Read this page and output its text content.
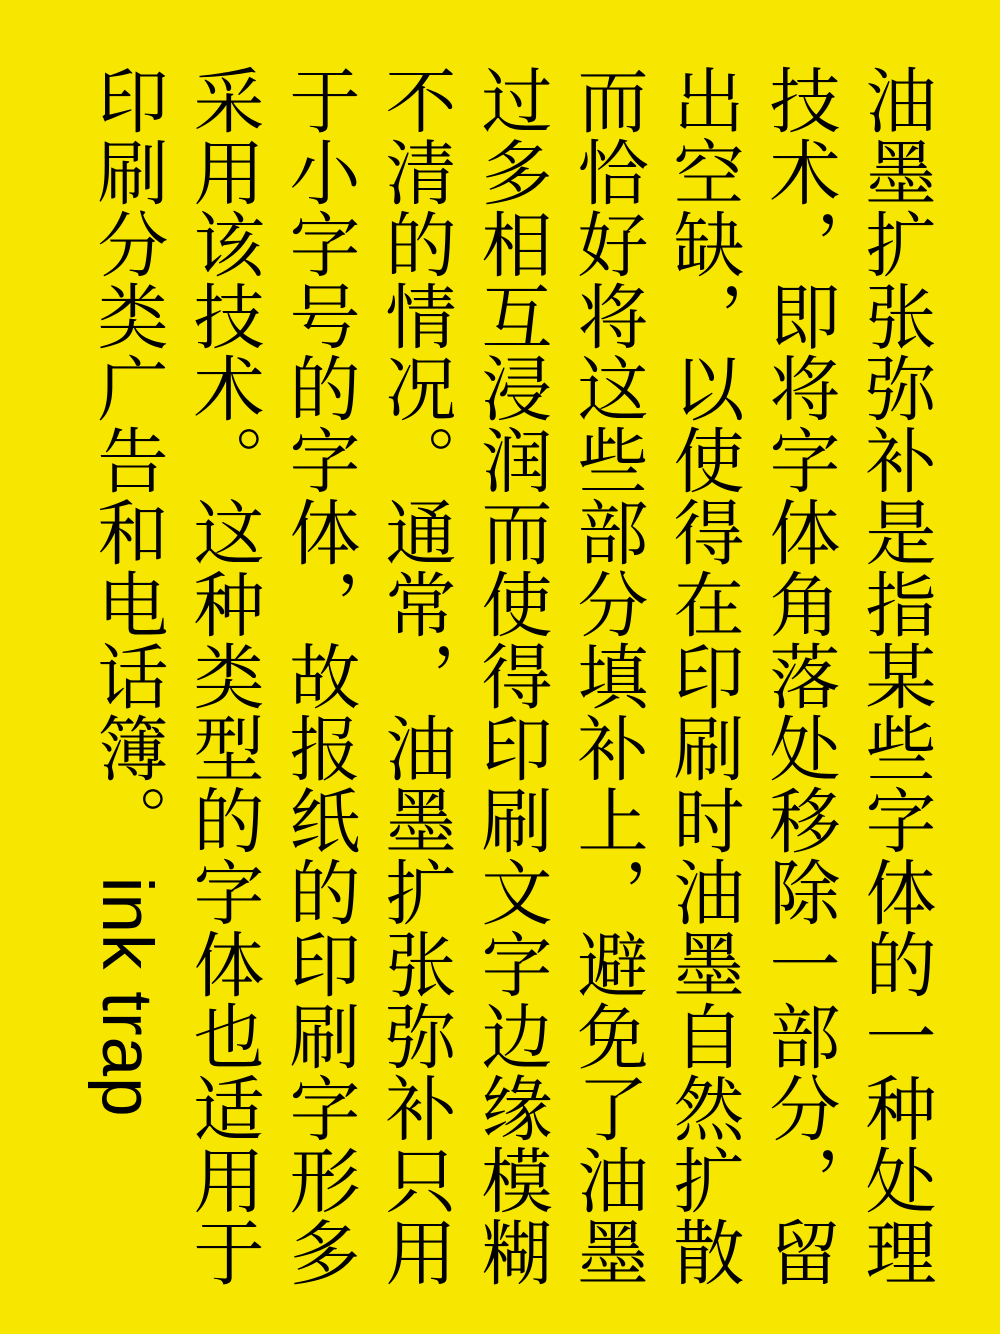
油墨扩张弥补是指某些字体的一种处理
技术，即将字体角落处移除一部分，留
出空缺，以使得在印刷时油墨自然扩散
而恰好将这些部分填补上，避免了油墨
过多相互浸润而使得印刷文字边缘模糊
不清的情况。通常，油墨扩张弥补只用
于小字号的字体，故报纸的印刷字形多
采用该技术。这种类型的字体也适用于
印刷分类广告和电话簿。 ink trap
